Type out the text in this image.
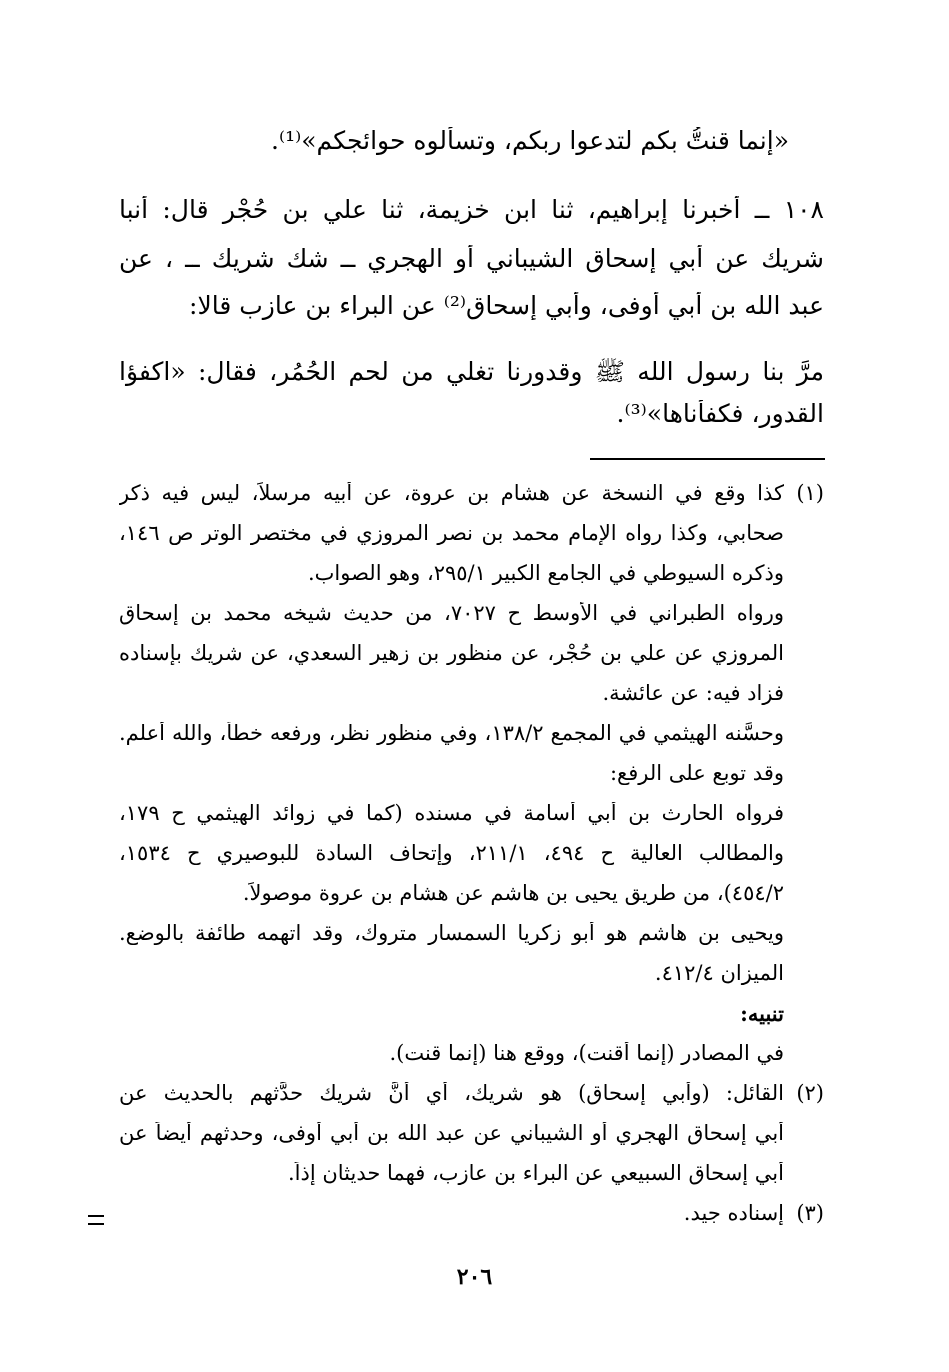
«إنما قنتُّ بكم لتدعوا ربكم، وتسألوه حوائجكم»⁽¹⁾.
١٠٨ ــ أخبرنا إبراهيم، ثنا ابن خزيمة، ثنا علي بن حُجْر قال: أنبا
شريك عن أبي إسحاق الشيباني أو الهجري ــ شك شريك ــ ، عن
عبد الله بن أبي أوفى، وأبي إسحاق⁽²⁾ عن البراء بن عازب قالا:
مرَّ بنا رسول الله ﷺ وقدورنا تغلي من لحم الحُمُر، فقال: «اكفؤا
القدور، فكفأناها»⁽³⁾.
(١)
كذا وقع في النسخة عن هشام بن عروة، عن أبيه مرسلاً، ليس فيه ذكر
صحابي، وكذا رواه الإمام محمد بن نصر المروزي في مختصر الوتر ص ١٤٦،
وذكره السيوطي في الجامع الكبير ٢٩٥/١، وهو الصواب.
ورواه الطبراني في الأوسط ح ٧٠٢٧، من حديث شيخه محمد بن إسحاق
المروزي عن علي بن حُجْر، عن منظور بن زهير السعدي، عن شريك بإسناده
فزاد فيه: عن عائشة.
وحسَّنه الهيثمي في المجمع ١٣٨/٢، وفي منظور نظر، ورفعه خطأ، والله أعلم.
وقد توبع على الرفع:
فرواه الحارث بن أبي أسامة في مسنده (كما في زوائد الهيثمي ح ١٧٩،
والمطالب العالية ح ٤٩٤، ٢١١/١، وإتحاف السادة للبوصيري ح ١٥٣٤،
٤٥٤/٢)، من طريق يحيى بن هاشم عن هشام بن عروة موصولاً.
ويحيى بن هاشم هو أبو زكريا السمسار متروك، وقد اتهمه طائفة بالوضع.
الميزان ٤١٢/٤.
تنبيه:
في المصادر (إنما أقنت)، ووقع هنا (إنما قنت).
(٢)
القائل: (وأبي إسحاق) هو شريك، أي أنَّ شريك حدَّثهم بالحديث عن
أبي إسحاق الهجري أو الشيباني عن عبد الله بن أبي أوفى، وحدثهم أيضاً عن
أبي إسحاق السبيعي عن البراء بن عازب، فهما حديثان إذاً.
(٣)
إسناده جيد.
٢٠٦
